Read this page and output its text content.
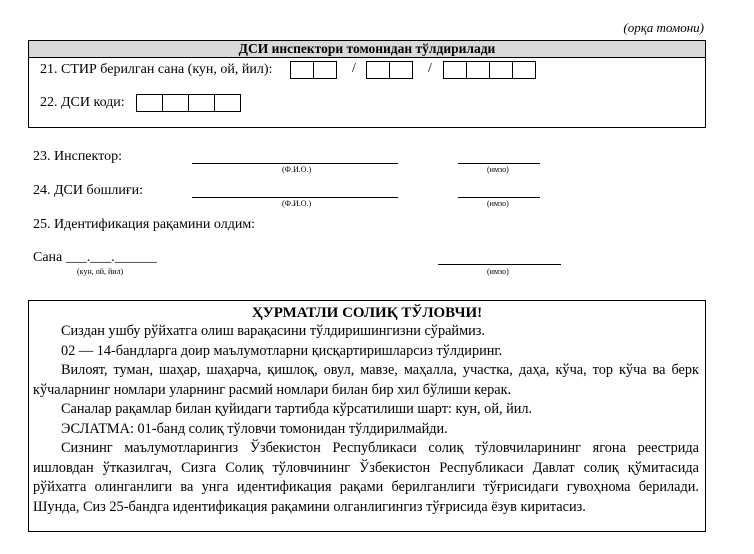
(орқа томони)
ДСИ инспектори томонидан тўлдирилади
21. СТИР берилган сана (кун, ой, йил):	/	/
22. ДСИ коди:
23. Инспектор:
(Ф.И.О.)	(имзо)
24. ДСИ бошлиғи:
(Ф.И.О.)	(имзо)
25. Идентификация рақамини олдим:
Сана ___.___.______
(кун, ой, йил)	(имзо)
ҲУРМАТЛИ СОЛИҚ ТЎЛОВЧИ!

Сиздан ушбу рўйхатга олиш варақасини тўлдиришингизни сўраймиз.

02 — 14-бандларга доир маълумотларни қисқартиришларсиз тўлдиринг.

Вилоят, туман, шаҳар, шаҳарча, қишлоқ, овул, мавзе, маҳалла, участка, даҳа, кўча, тор кўча ва берк кўчаларнинг номлари уларнинг расмий номлари билан бир хил бўлиши керак.

Саналар рақамлар билан қуйидаги тартибда кўрсатилиши шарт: кун, ой, йил.

ЭСЛАТМА: 01-банд солиқ тўловчи томонидан тўлдирилмайди.

Сизнинг маълумотларингиз Ўзбекистон Республикаси солиқ тўловчиларининг ягона реестрида ишловдан ўтказилгач, Сизга Солиқ тўловчининг Ўзбекистон Республикаси Давлат солиқ қўмитасида рўйхатга олинганлиги ва унга идентификация рақами берилганлиги тўғрисидаги гувоҳнома берилади. Шунда, Сиз 25-бандга идентификация рақамини олганлигингиз тўғрисида ёзув киритасиз.
